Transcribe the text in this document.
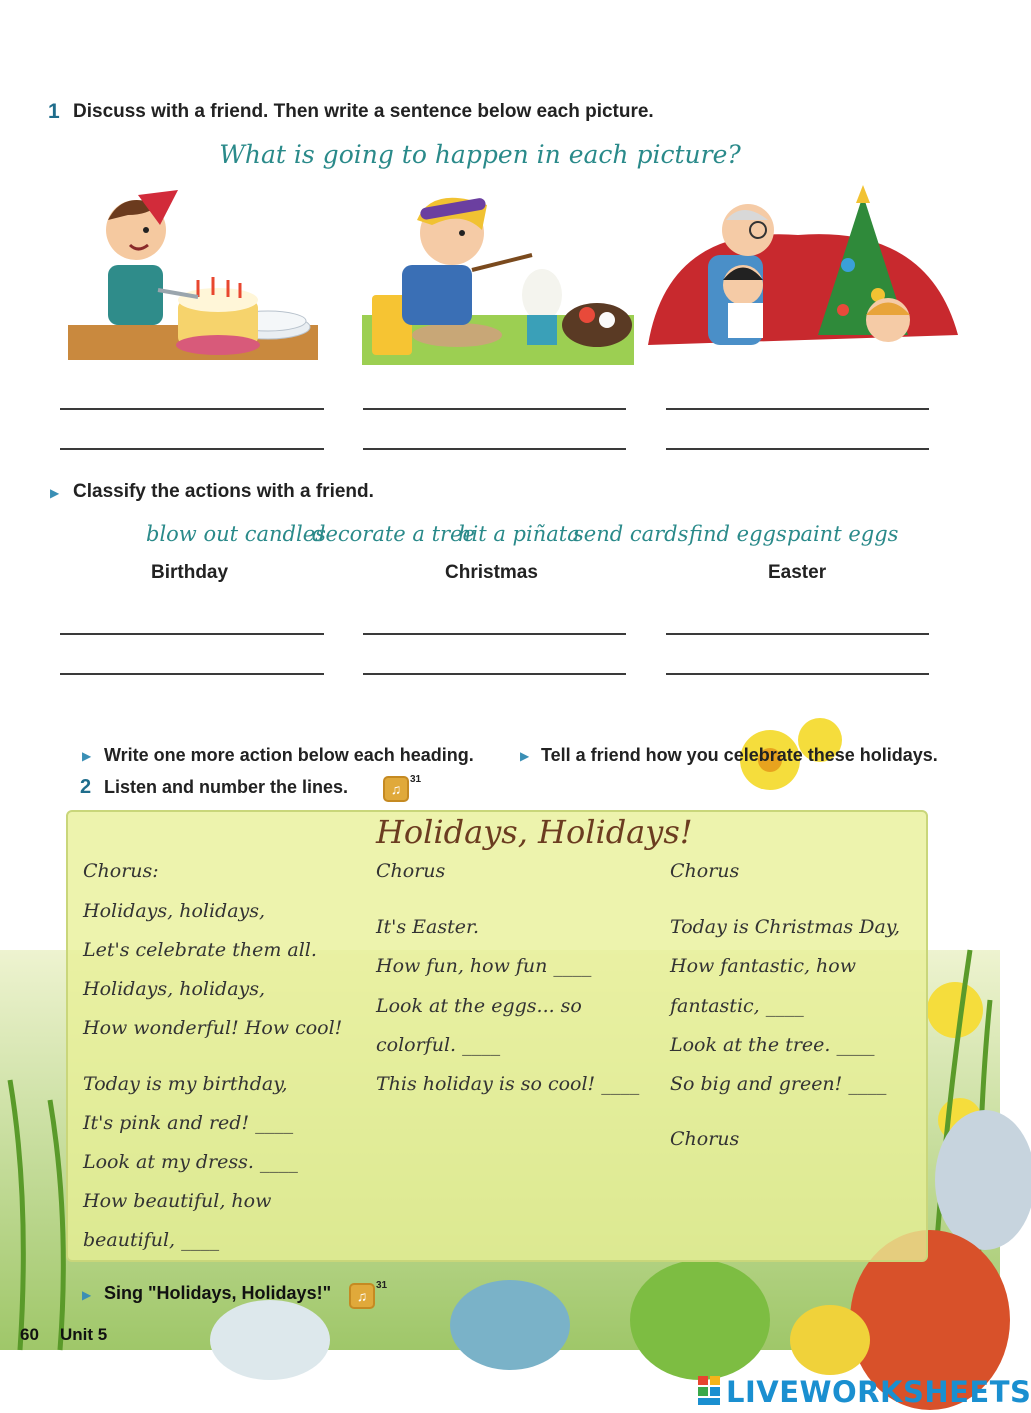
1 Discuss with a friend. Then write a sentence below each picture.
What is going to happen in each picture?
▶ Classify the actions with a friend.
blow out candles
decorate a tree
hit a piñata
send cards find eggs paint eggs
Birthday	Christmas	Easter
▶ Write one more action below each heading.	▶ Tell a friend how you celebrate these holidays.
2 Listen and number the lines.	♫
31
Holidays, Holidays!
Chorus:
Holidays, holidays,
Let's celebrate them all.
Holidays, holidays,
How wonderful! How cool!
Today is my birthday,
It's pink and red! ____
Look at my dress. ____
How beautiful, how
beautiful, ____
Chorus
It's Easter.
How fun, how fun ____
Look at the eggs... so
colorful. ____
This holiday is so cool! ____
Chorus
Today is Christmas Day,
How fantastic, how
fantastic, ____
Look at the tree. ____
So big and green! ____
Chorus
▶ Sing "Holidays, Holidays!"	♫
31
60 Unit 5
LIVEWORKSHEETS
